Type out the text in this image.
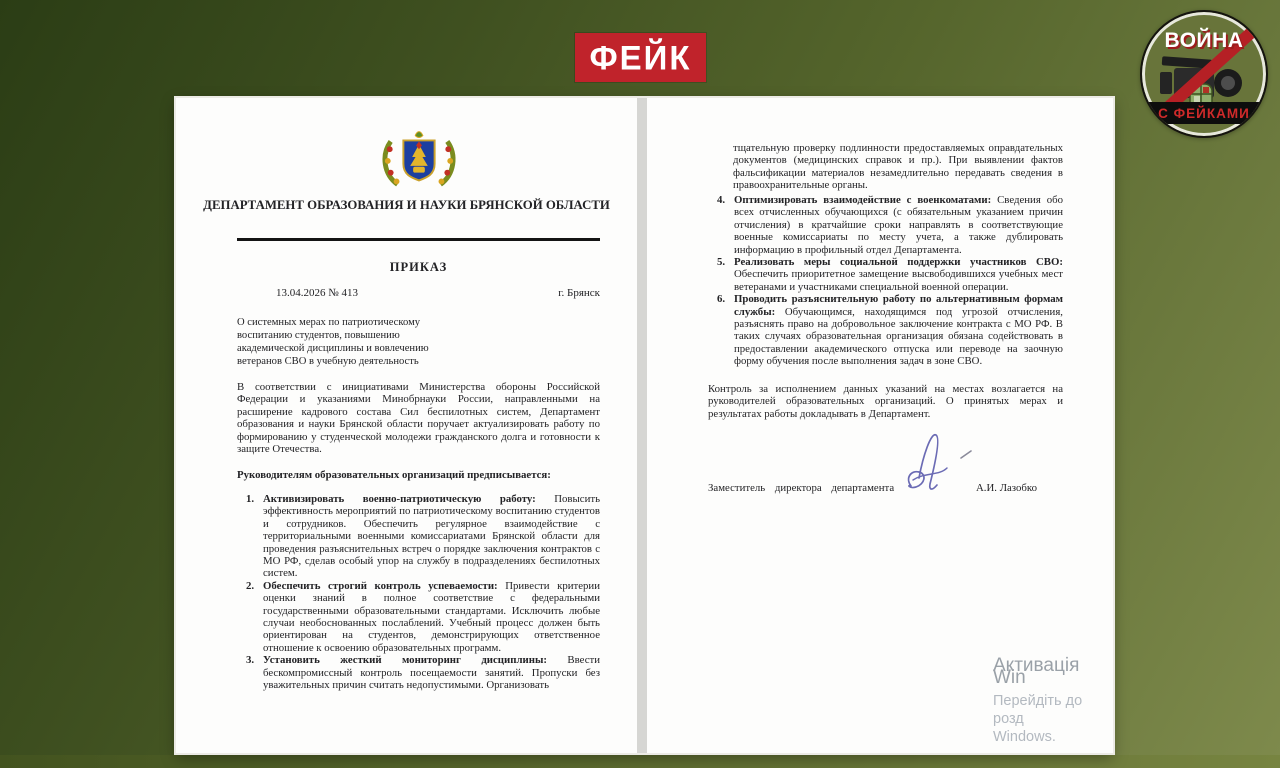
ФЕЙК	ВОЙНА
С ФЕЙКАМИ
ДЕПАРТАМЕНТ ОБРАЗОВАНИЯ И НАУКИ БРЯНСКОЙ ОБЛАСТИ
ПРИКАЗ
13.04.2026 № 413	г. Брянск
О системных мерах по патриотическому
воспитанию студентов, повышению
академической дисциплины и вовлечению
ветеранов СВО в учебную деятельность
В соответствии с инициативами Министерства обороны Российской Федерации и указаниями Минобрнауки России, направленными на расширение кадрового состава Сил беспилотных систем, Департамент образования и науки Брянской области поручает актуализировать работу по формированию у студенческой молодежи гражданского долга и готовности к защите Отечества.
Руководителям образовательных организаций предписывается:
1. Активизировать военно-патриотическую работу: Повысить эффективность мероприятий по патриотическому воспитанию студентов и сотрудников. Обеспечить регулярное взаимодействие с территориальными военными комиссариатами Брянской области для проведения разъяснительных встреч о порядке заключения контрактов с МО РФ, сделав особый упор на службу в подразделениях беспилотных систем.
2. Обеспечить строгий контроль успеваемости: Привести критерии оценки знаний в полное соответствие с федеральными государственными образовательными стандартами. Исключить любые случаи необоснованных послаблений. Учебный процесс должен быть ориентирован на студентов, демонстрирующих ответственное отношение к освоению образовательных программ.
3. Установить жесткий мониторинг дисциплины: Ввести бескомпромиссный контроль посещаемости занятий. Пропуски без уважительных причин считать недопустимыми. Организовать
тщательную проверку подлинности предоставляемых оправдательных документов (медицинских справок и пр.). При выявлении фактов фальсификации материалов незамедлительно передавать сведения в правоохранительные органы.
4. Оптимизировать взаимодействие с военкоматами: Сведения обо всех отчисленных обучающихся (с обязательным указанием причин отчисления) в кратчайшие сроки направлять в соответствующие военные комиссариаты по месту учета, а также дублировать информацию в профильный отдел Департамента.
5. Реализовать меры социальной поддержки участников СВО: Обеспечить приоритетное замещение высвободившихся учебных мест ветеранами и участниками специальной военной операции.
6. Проводить разъяснительную работу по альтернативным формам службы: Обучающимся, находящимся под угрозой отчисления, разъяснять право на добровольное заключение контракта с МО РФ. В таких случаях образовательная организация обязана содействовать в предоставлении академического отпуска или переводе на заочную форму обучения после выполнения задач в зоне СВО.
Контроль за исполнением данных указаний на местах возлагается на руководителей образовательных организаций. О принятых мерах и результатах работы докладывать в Департамент.
Заместитель директора департамента	А.И. Лазобко
Активація Win
Перейдіть до розд
Windows.
